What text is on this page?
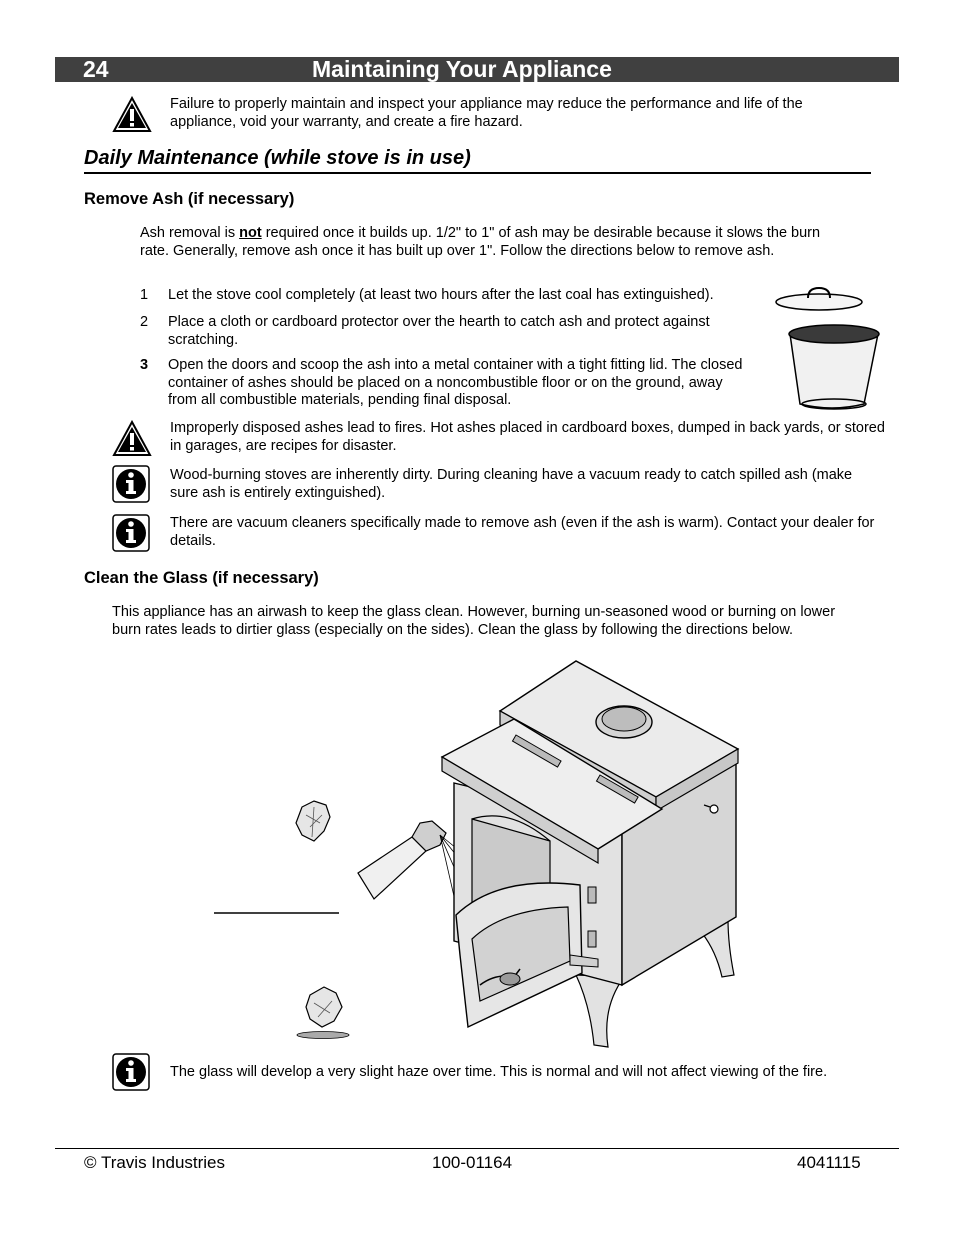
24	Maintaining Your Appliance
Failure to properly maintain and inspect your appliance may reduce the performance and life of the appliance, void your warranty, and create a fire hazard.
Daily Maintenance (while stove is in use)
Remove Ash (if necessary)
Ash removal is not required once it builds up. 1/2" to 1" of ash may be desirable because it slows the burn rate. Generally, remove ash once it has built up over 1". Follow the directions below to remove ash.
1 Let the stove cool completely (at least two hours after the last coal has extinguished).
2 Place a cloth or cardboard protector over the hearth to catch ash and protect against scratching.
3 Open the doors and scoop the ash into a metal container with a tight fitting lid. The closed container of ashes should be placed on a noncombustible floor or on the ground, away from all combustible materials, pending final disposal.
Improperly disposed ashes lead to fires. Hot ashes placed in cardboard boxes, dumped in back yards, or stored in garages, are recipes for disaster.
Wood-burning stoves are inherently dirty. During cleaning have a vacuum ready to catch spilled ash (make sure ash is entirely extinguished).
There are vacuum cleaners specifically made to remove ash (even if the ash is warm). Contact your dealer for details.
Clean the Glass (if necessary)
This appliance has an airwash to keep the glass clean. However, burning un-seasoned wood or burning on lower burn rates leads to dirtier glass (especially on the sides). Clean the glass by following the directions below.
The glass will develop a very slight haze over time. This is normal and will not affect viewing of the fire.
© Travis Industries	100-01164	4041115
